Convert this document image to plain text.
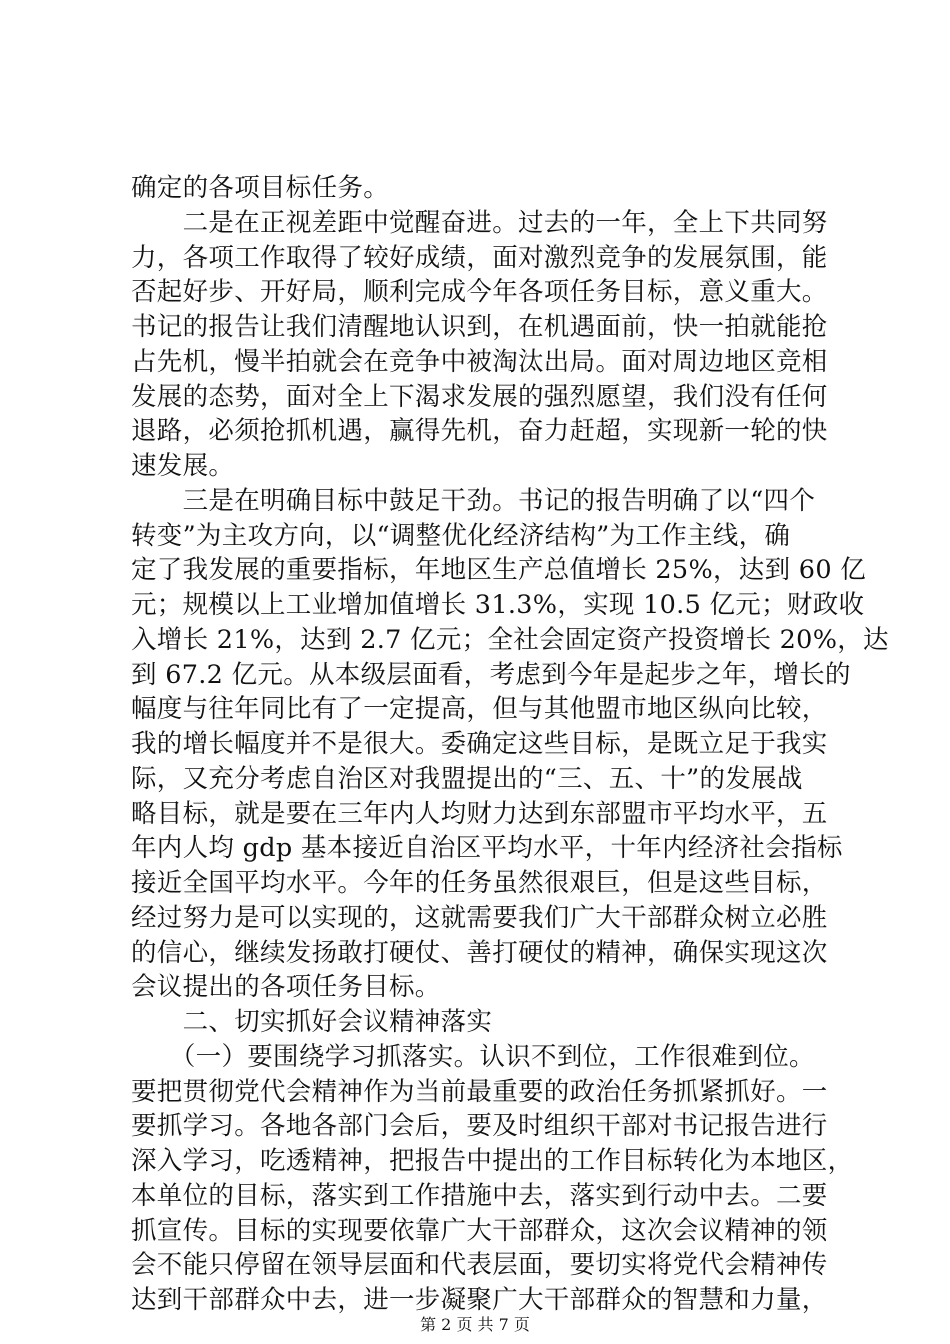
确定的各项目标任务。
　　二是在正视差距中觉醒奋进。过去的一年，全上下共同努
力，各项工作取得了较好成绩，面对激烈竞争的发展氛围，能
否起好步、开好局，顺利完成今年各项任务目标，意义重大。
书记的报告让我们清醒地认识到，在机遇面前，快一拍就能抢
占先机，慢半拍就会在竞争中被淘汰出局。面对周边地区竞相
发展的态势，面对全上下渴求发展的强烈愿望，我们没有任何
退路，必须抢抓机遇，赢得先机，奋力赶超，实现新一轮的快
速发展。
　　三是在明确目标中鼓足干劲。书记的报告明确了以“四个
转变”为主攻方向，以“调整优化经济结构”为工作主线，确
定了我发展的重要指标，年地区生产总值增长 25%，达到 60 亿
元；规模以上工业增加值增长 31.3%，实现 10.5 亿元；财政收
入增长 21%，达到 2.7 亿元；全社会固定资产投资增长 20%，达
到 67.2 亿元。从本级层面看，考虑到今年是起步之年，增长的
幅度与往年同比有了一定提高，但与其他盟市地区纵向比较，
我的增长幅度并不是很大。委确定这些目标，是既立足于我实
际，又充分考虑自治区对我盟提出的“三、五、十”的发展战
略目标，就是要在三年内人均财力达到东部盟市平均水平，五
年内人均 gdp 基本接近自治区平均水平，十年内经济社会指标
接近全国平均水平。今年的任务虽然很艰巨，但是这些目标，
经过努力是可以实现的，这就需要我们广大干部群众树立必胜
的信心，继续发扬敢打硬仗、善打硬仗的精神，确保实现这次
会议提出的各项任务目标。
　　二、切实抓好会议精神落实
　　（一）要围绕学习抓落实。认识不到位，工作很难到位。
要把贯彻党代会精神作为当前最重要的政治任务抓紧抓好。一
要抓学习。各地各部门会后，要及时组织干部对书记报告进行
深入学习，吃透精神，把报告中提出的工作目标转化为本地区，
本单位的目标，落实到工作措施中去，落实到行动中去。二要
抓宣传。目标的实现要依靠广大干部群众，这次会议精神的领
会不能只停留在领导层面和代表层面，要切实将党代会精神传
达到干部群众中去，进一步凝聚广大干部群众的智慧和力量，
第 2 页 共 7 页
